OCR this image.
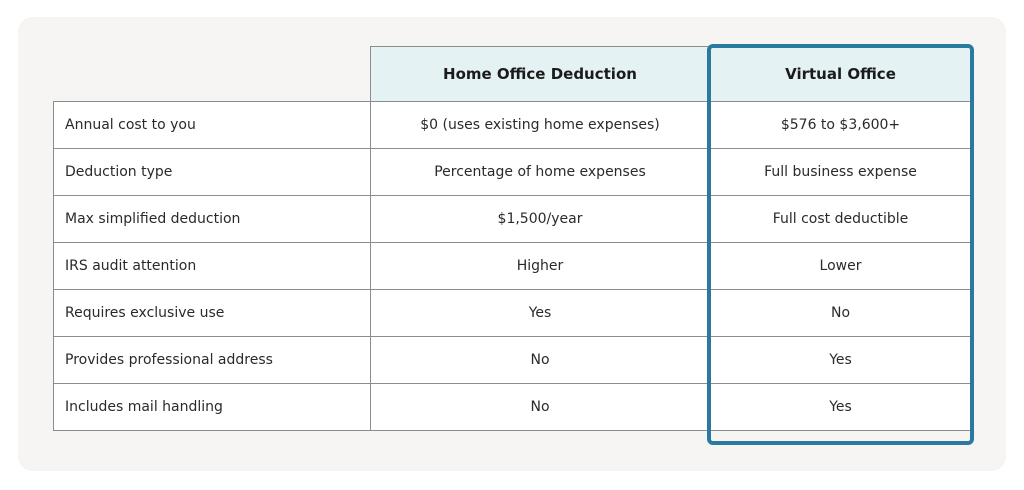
	Home Office Deduction	Virtual Office
Annual cost to you	$0 (uses existing home expenses)	$576 to $3,600+
Deduction type	Percentage of home expenses	Full business expense
Max simplified deduction	$1,500/year	Full cost deductible
IRS audit attention	Higher	Lower
Requires exclusive use	Yes	No
Provides professional address	No	Yes
Includes mail handling	No	Yes
